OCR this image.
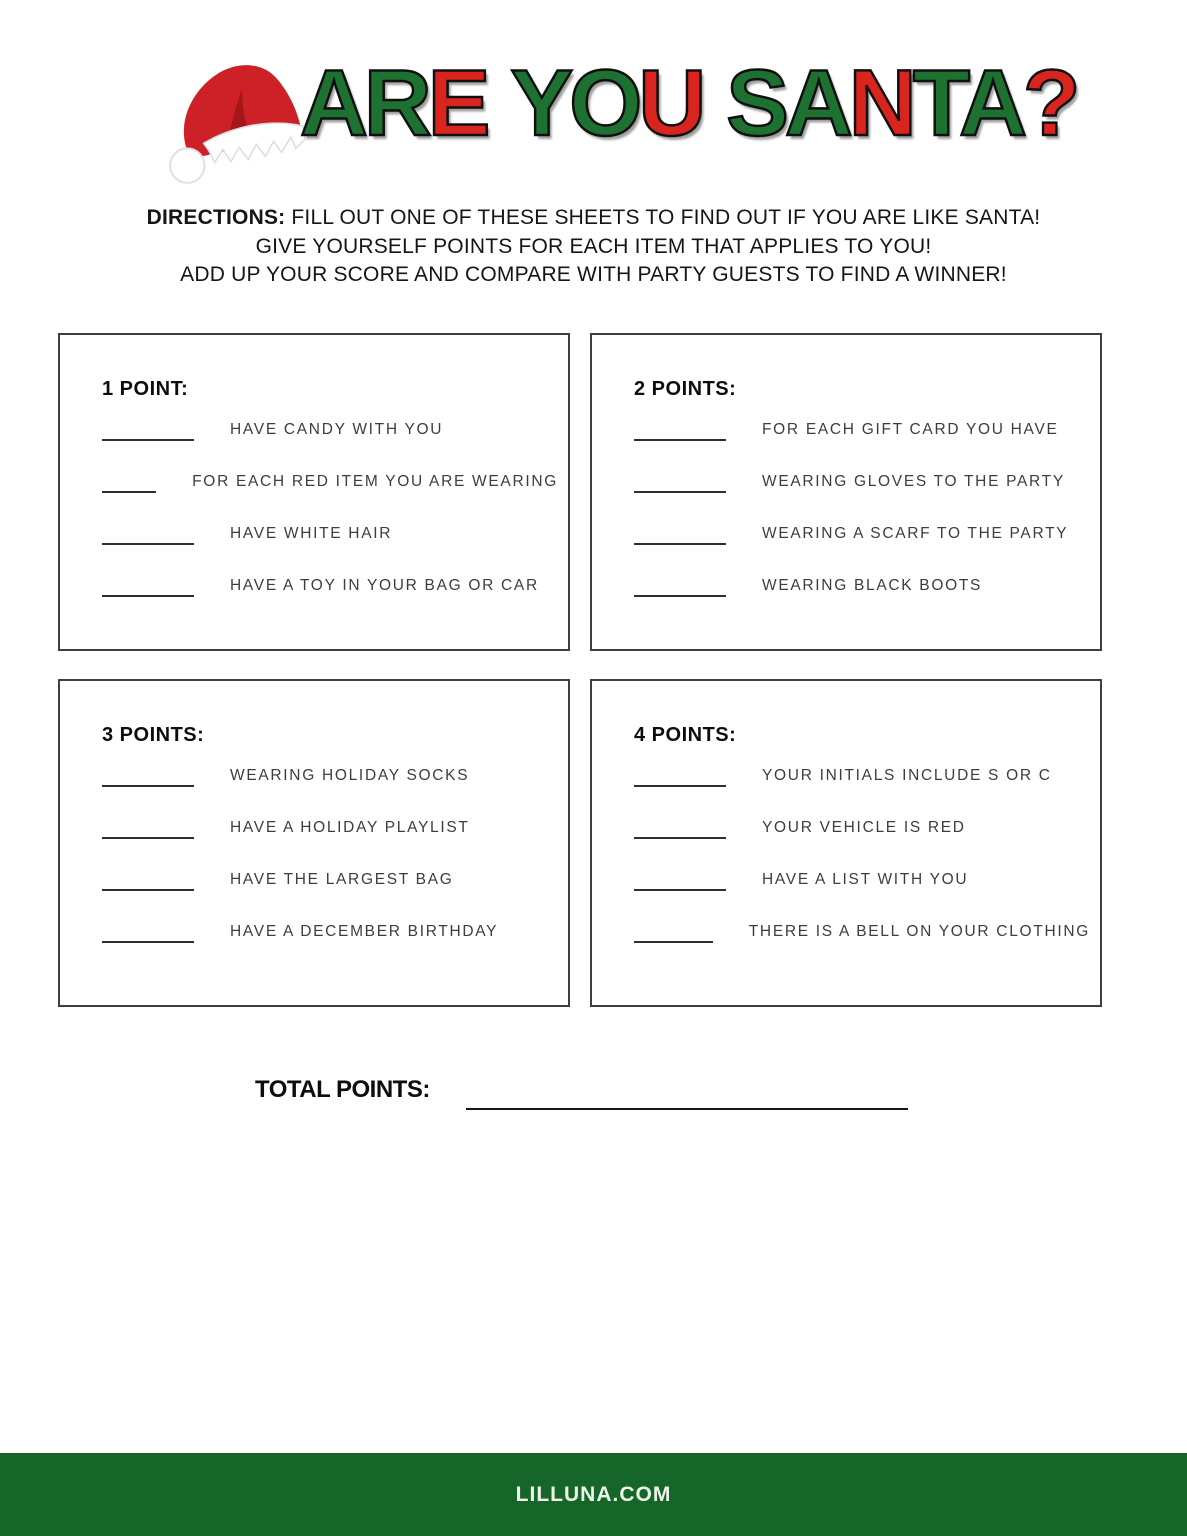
ARE YOU SANTA?
DIRECTIONS: FILL OUT ONE OF THESE SHEETS TO FIND OUT IF YOU ARE LIKE SANTA!
GIVE YOURSELF POINTS FOR EACH ITEM THAT APPLIES TO YOU!
ADD UP YOUR SCORE AND COMPARE WITH PARTY GUESTS TO FIND A WINNER!
1 POINT:
HAVE CANDY WITH YOU
FOR EACH RED ITEM YOU ARE WEARING
HAVE WHITE HAIR
HAVE A TOY IN YOUR BAG OR CAR
2 POINTS:
FOR EACH GIFT CARD YOU HAVE
WEARING GLOVES TO THE PARTY
WEARING A SCARF TO THE PARTY
WEARING BLACK BOOTS
3 POINTS:
WEARING HOLIDAY SOCKS
HAVE A HOLIDAY PLAYLIST
HAVE THE LARGEST BAG
HAVE A DECEMBER BIRTHDAY
4 POINTS:
YOUR INITIALS INCLUDE S OR C
YOUR VEHICLE IS RED
HAVE A LIST WITH YOU
THERE IS A BELL ON YOUR CLOTHING
TOTAL POINTS:
LILLUNA.COM
